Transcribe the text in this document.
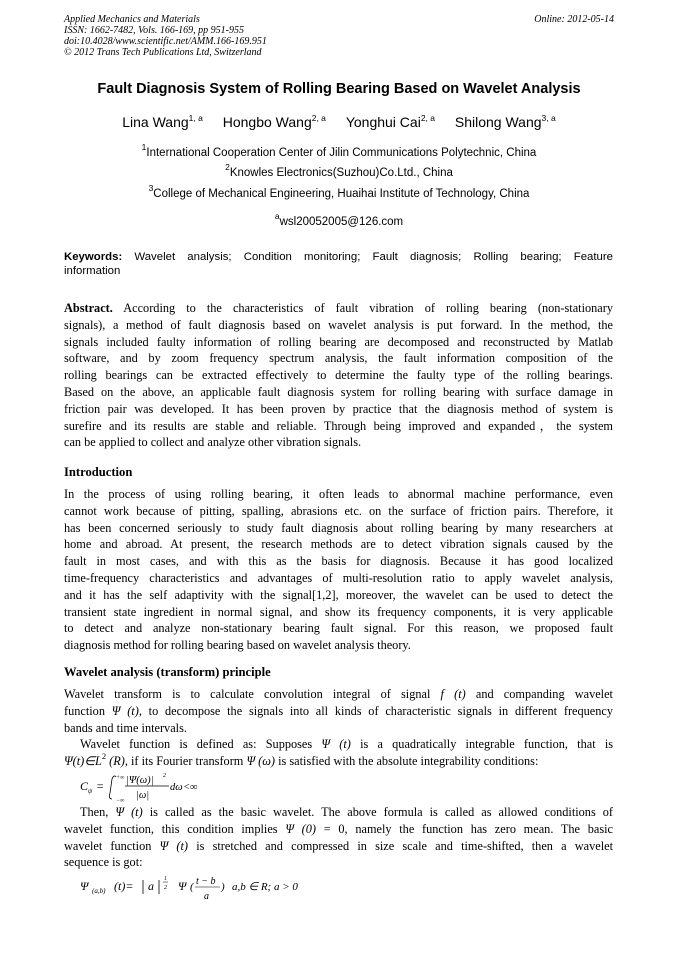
Applied Mechanics and Materials
ISSN: 1662-7482, Vols. 166-169, pp 951-955
doi:10.4028/www.scientific.net/AMM.166-169.951
© 2012 Trans Tech Publications Ltd, Switzerland
Online: 2012-05-14
Fault Diagnosis System of Rolling Bearing Based on Wavelet Analysis
Lina Wang$^{1, a}$ Hongbo Wang$^{2, a}$ Yonghui Cai$^{2, a}$ Shilong Wang$^{3, a}$
$^1$International Cooperation Center of Jilin Communications Polytechnic, China
$^2$Knowles Electronics(Suzhou)Co.Ltd., China
$^3$College of Mechanical Engineering, Huaihai Institute of Technology, China
$^a$wsl20052005@126.com
Keywords: Wavelet analysis; Condition monitoring; Fault diagnosis; Rolling bearing; Feature
information
Abstract. According to the characteristics of fault vibration of rolling bearing (non-stationary
signals), a method of fault diagnosis based on wavelet analysis is put forward. In the method, the
signals included faulty information of rolling bearing are decomposed and reconstructed by Matlab
software, and by zoom frequency spectrum analysis, the fault information composition of the
rolling bearings can be extracted effectively to determine the faulty type of the rolling bearings.
Based on the above, an applicable fault diagnosis system for rolling bearing with surface damage in
friction pair was developed. It has been proven by practice that the diagnosis method of system is
surefire and its results are stable and reliable. Through being improved and expanded，the system
can be applied to collect and analyze other vibration signals.
Introduction
In the process of using rolling bearing, it often leads to abnormal machine performance, even
cannot work because of pitting, spalling, abrasions etc. on the surface of friction pairs. Therefore, it
has been concerned seriously to study fault diagnosis about rolling bearing by many researchers at
home and abroad. At present, the research methods are to detect vibration signals caused by the
fault in most cases, and with this as the basis for diagnosis. Because it has good localized
time-frequency characteristics and advantages of multi-resolution ratio to apply wavelet analysis,
and it has the self adaptivity with the signal[1,2], moreover, the wavelet can be used to detect the
transient state ingredient in normal signal, and show its frequency components, it is very applicable
to detect and analyze non-stationary bearing fault signal. For this reason, we proposed fault
diagnosis method for rolling bearing based on wavelet analysis theory.
Wavelet analysis (transform) principle
Wavelet transform is to calculate convolution integral of signal f (t) and companding wavelet
function Ψ (t), to decompose the signals into all kinds of characteristic signals in different frequency
bands and time intervals.
Wavelet function is defined as: Supposes Ψ (t) is a quadratically integrable function, that is
$\Psi(t)\in L^2$ (R), if its Fourier transform Ψ (ω) is satisfied with the absolute integrability conditions:
C ψ =
+∞
−∞
|Ψ(ω)| 2
|ω|
dω <∞
Then, Ψ (t) is called as the basic wavelet. The above formula is called as allowed conditions of
wavelet function, this condition implies Ψ (0) = 0, namely the function has zero mean. The basic
wavelet function Ψ (t) is stretched and compressed in size scale and time-shifted, then a wavelet
sequence is got:
Ψ (a,b) (t)= a 1
2 Ψ ( t − b
a
) a,b ∈ R; a > 0
